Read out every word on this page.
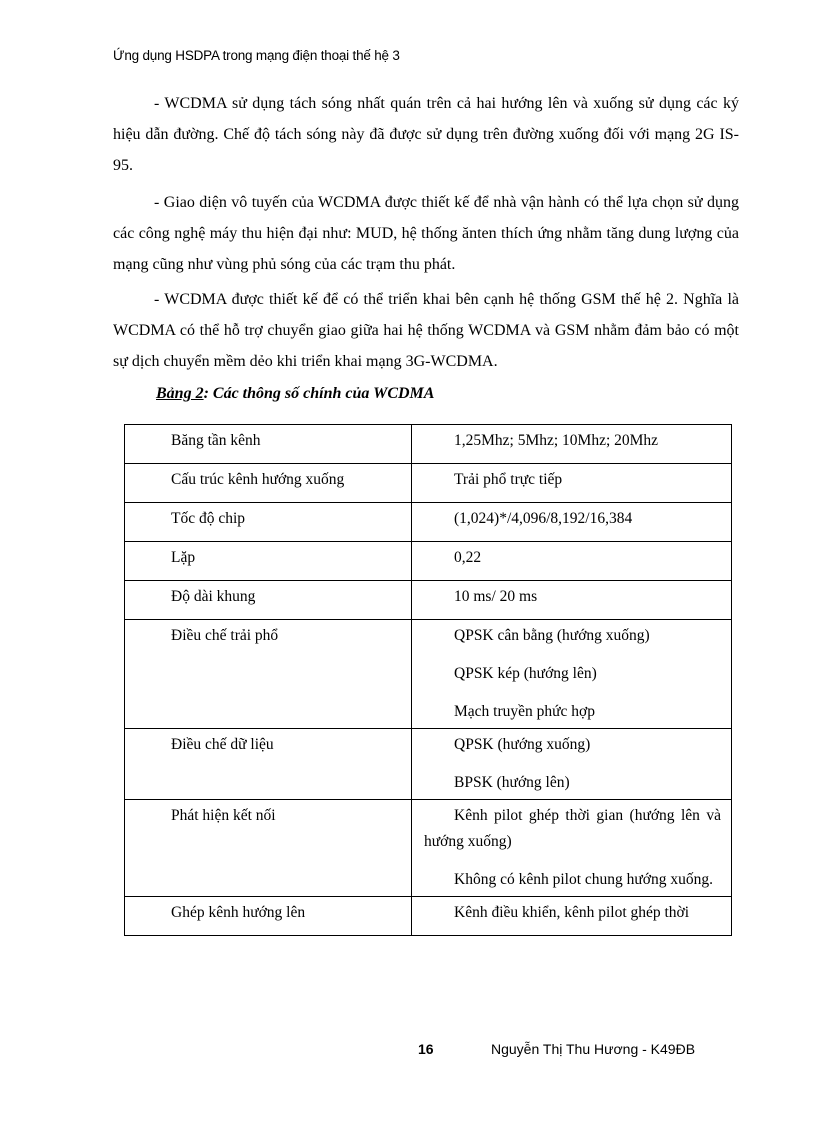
Ứng dụng HSDPA trong mạng điện thoại thế hệ 3

- WCDMA sử dụng tách sóng nhất quán trên cả hai hướng lên và xuống sử dụng các ký hiệu dẫn đường. Chế độ tách sóng này đã được sử dụng trên đường xuống đối với mạng 2G IS-95.

- Giao diện vô tuyến của WCDMA được thiết kế để nhà vận hành có thể lựa chọn sử dụng các công nghệ máy thu hiện đại như: MUD, hệ thống ănten thích ứng nhằm tăng dung lượng của mạng cũng như vùng phủ sóng của các trạm thu phát.

- WCDMA được thiết kế để có thể triển khai bên cạnh hệ thống GSM thế hệ 2. Nghĩa là WCDMA có thể hỗ trợ chuyển giao giữa hai hệ thống WCDMA và GSM nhằm đảm bảo có một sự dịch chuyển mềm dẻo khi triển khai mạng 3G-WCDMA.

Bảng 2: Các thông số chính của WCDMA

Băng tần kênh	1,25Mhz; 5Mhz; 10Mhz; 20Mhz

Cấu trúc kênh hướng xuống	Trải phổ trực tiếp

Tốc độ chip	(1,024)*/4,096/8,192/16,384

Lặp	0,22

Độ dài khung	10 ms/ 20 ms

Điều chế trải phổ	QPSK cân bằng (hướng xuống)

QPSK kép (hướng lên)

Mạch truyền phức hợp

Điều chế dữ liệu	QPSK (hướng xuống)

BPSK (hướng lên)

Phát hiện kết nối	Kênh pilot ghép thời gian (hướng lên và hướng xuống)

Không có kênh pilot chung hướng xuống.

Ghép kênh hướng lên	Kênh điều khiển, kênh pilot ghép thời

16	Nguyễn Thị Thu Hương - K49ĐB
